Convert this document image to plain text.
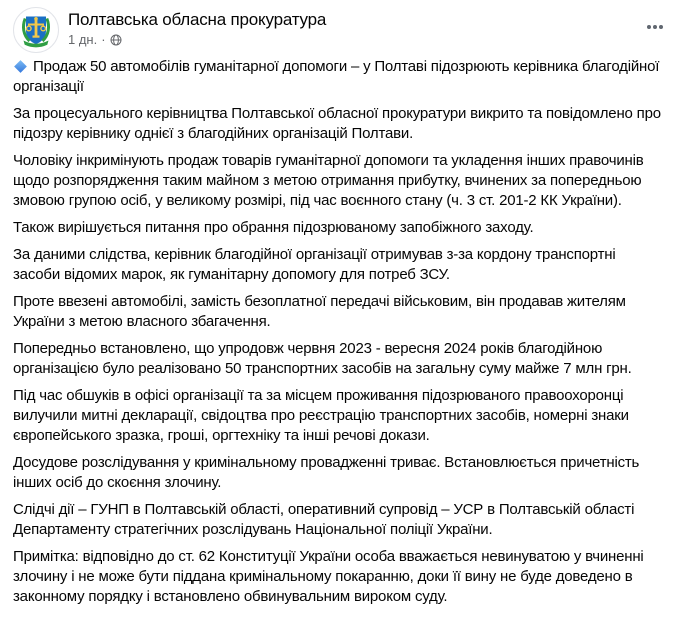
Полтавська обласна прокуратура
1 дн. ·

Продаж 50 автомобілів гуманітарної допомоги – у Полтаві підозрюють керівника благодійної організації

За процесуального керівництва Полтавської обласної прокуратури викрито та повідомлено про підозру керівнику однієї з благодійних організацій Полтави.

Чоловіку інкримінують продаж товарів гуманітарної допомоги та укладення інших правочинів щодо розпорядження таким майном з метою отримання прибутку, вчинених за попередньою змовою групою осіб, у великому розмірі, під час воєнного стану (ч. 3 ст. 201-2 КК України).

Також вирішується питання про обрання підозрюваному запобіжного заходу.

За даними слідства, керівник благодійної організації отримував з-за кордону транспортні засоби відомих марок, як гуманітарну допомогу для потреб ЗСУ.

Проте ввезені автомобілі, замість безоплатної передачі військовим, він продавав жителям України з метою власного збагачення.

Попередньо встановлено, що упродовж червня 2023 - вересня 2024 років благодійною організацією було реалізовано 50 транспортних засобів на загальну суму майже 7 млн грн.

Під час обшуків в офісі організації та за місцем проживання підозрюваного правоохоронці вилучили митні декларації, свідоцтва про реєстрацію транспортних засобів, номерні знаки європейського зразка, гроші, оргтехніку та інші речові докази.

Досудове розслідування у кримінальному провадженні триває. Встановлюється причетність інших осіб до скоєння злочину.

Слідчі дії – ГУНП в Полтавській області, оперативний супровід – УСР в Полтавській області Департаменту стратегічних розслідувань Національної поліції України.

Примітка: відповідно до ст. 62 Конституції України особа вважається невинуватою у вчиненні злочину і не може бути піддана кримінальному покаранню, доки її вину не буде доведено в законному порядку і встановлено обвинувальним вироком суду.
